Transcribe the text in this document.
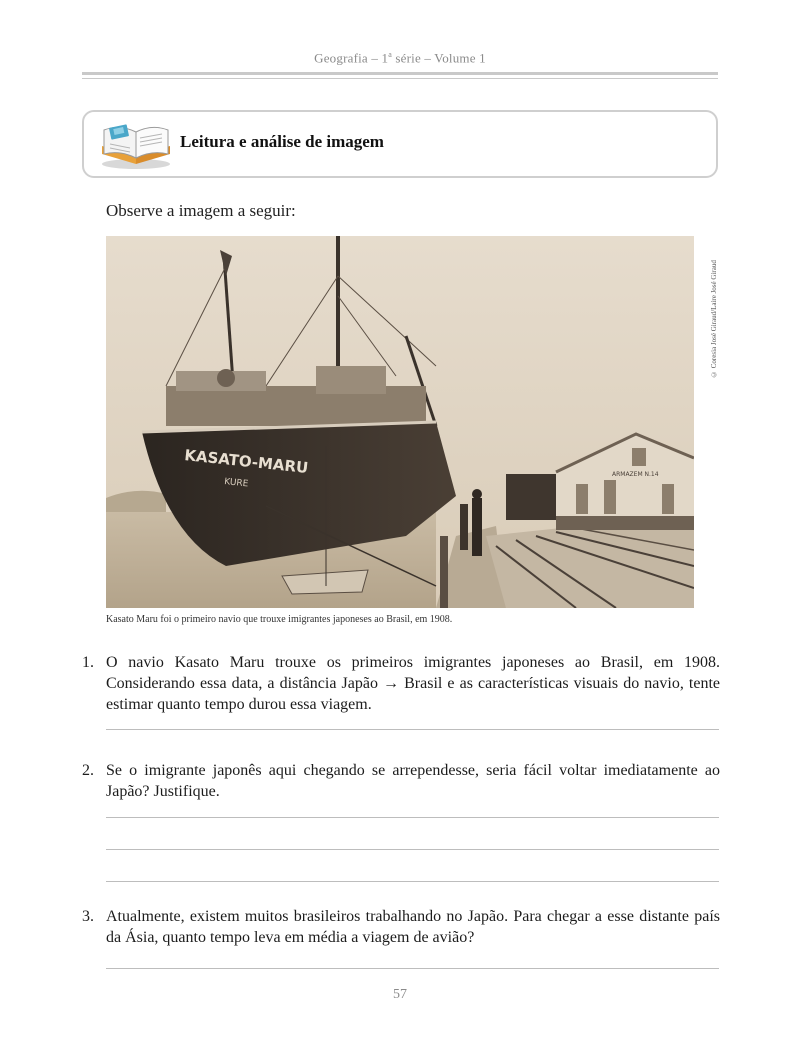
Geografia – 1$^a$ série – Volume 1
Leitura e análise de imagem
Observe a imagem a seguir:
KASATO-MARU
KURE
ARMAZEM N.14
© Coresia José Giraud/Laire José Giraud
Kasato Maru foi o primeiro navio que trouxe imigrantes japoneses ao Brasil, em 1908.
1. O navio Kasato Maru trouxe os primeiros imigrantes japoneses ao Brasil, em 1908. Considerando essa data, a distância Japão → Brasil e as características visuais do navio, tente estimar quanto tempo durou essa viagem.
2. Se o imigrante japonês aqui chegando se arrependesse, seria fácil voltar imediatamente ao Japão? Justifique.
3. Atualmente, existem muitos brasileiros trabalhando no Japão. Para chegar a esse distante país da Ásia, quanto tempo leva em média a viagem de avião?
57
